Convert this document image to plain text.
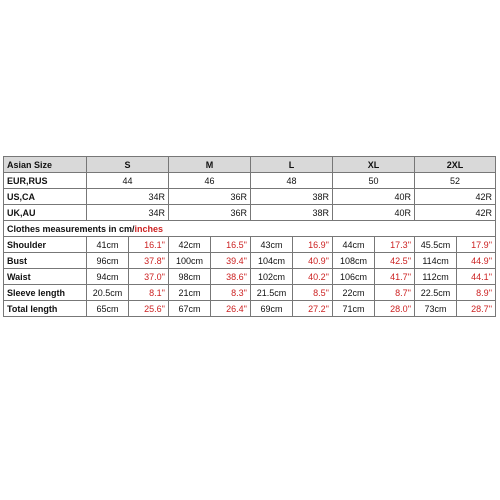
Asian Size	S		M		L		XL		2XL	
EUR,RUS	44		46		48		50		52	
US,CA	34R		36R		38R		40R		42R	
UK,AU	34R		36R		38R		40R		42R	
Clothes measurements in cm/inches										
Shoulder	41cm	16.1''	42cm	16.5''	43cm	16.9''	44cm	17.3''	45.5cm	17.9''
Bust	96cm	37.8''	100cm	39.4''	104cm	40.9''	108cm	42.5''	114cm	44.9''
Waist	94cm	37.0''	98cm	38.6''	102cm	40.2''	106cm	41.7''	112cm	44.1''
Sleeve length	20.5cm	8.1''	21cm	8.3''	21.5cm	8.5''	22cm	8.7''	22.5cm	8.9''
Total length	65cm	25.6''	67cm	26.4''	69cm	27.2''	71cm	28.0''	73cm	28.7''
